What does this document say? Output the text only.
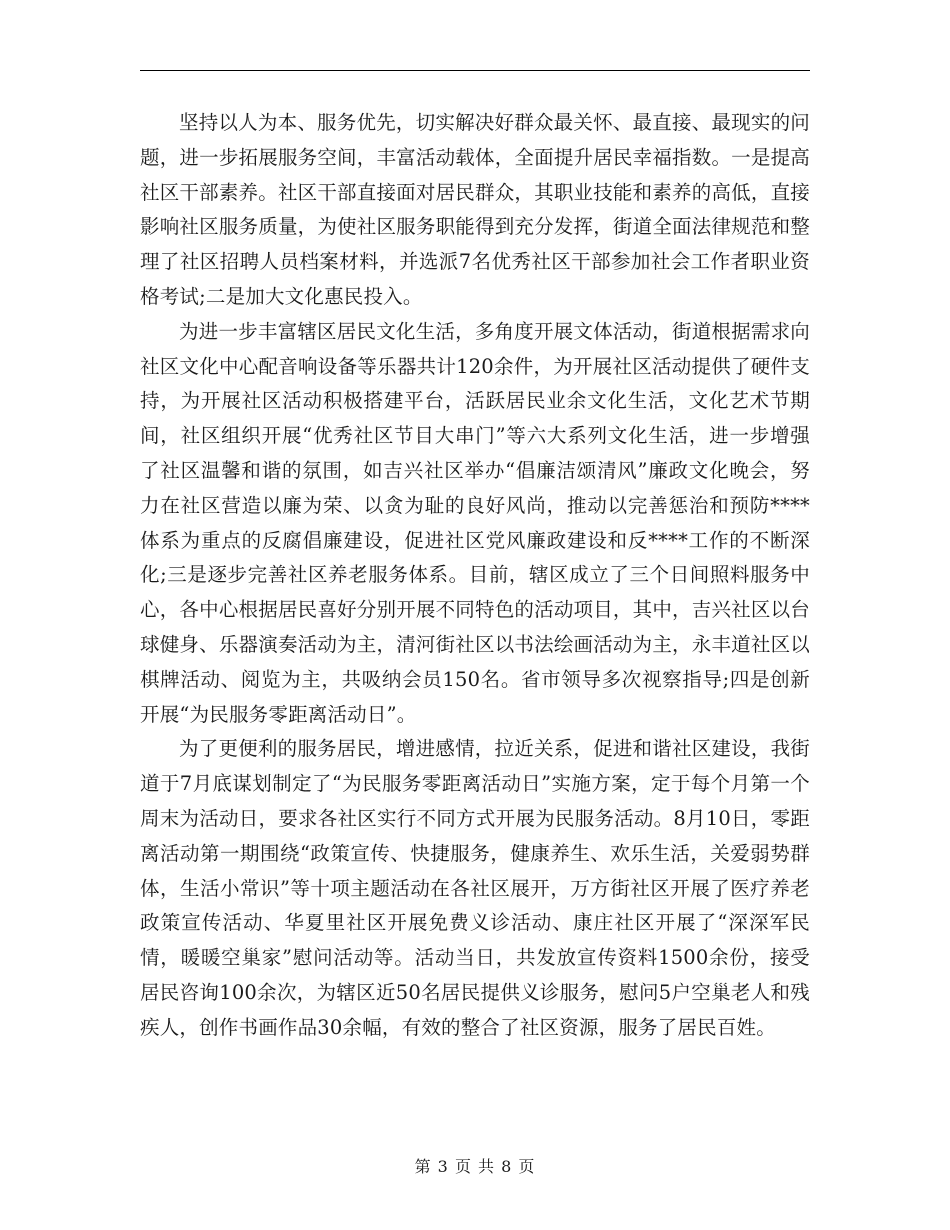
坚持以人为本、服务优先，切实解决好群众最关怀、最直接、最现实的问题，进一步拓展服务空间，丰富活动载体，全面提升居民幸福指数。一是提高社区干部素养。社区干部直接面对居民群众，其职业技能和素养的高低，直接影响社区服务质量，为使社区服务职能得到充分发挥，街道全面法律规范和整理了社区招聘人员档案材料，并选派7名优秀社区干部参加社会工作者职业资格考试;二是加大文化惠民投入。

为进一步丰富辖区居民文化生活，多角度开展文体活动，街道根据需求向社区文化中心配音响设备等乐器共计120余件，为开展社区活动提供了硬件支持，为开展社区活动积极搭建平台，活跃居民业余文化生活，文化艺术节期间，社区组织开展“优秀社区节目大串门”等六大系列文化生活，进一步增强了社区温馨和谐的氛围，如吉兴社区举办“倡廉洁颂清风”廉政文化晚会，努力在社区营造以廉为荣、以贪为耻的良好风尚，推动以完善惩治和预防****体系为重点的反腐倡廉建设，促进社区党风廉政建设和反****工作的不断深化;三是逐步完善社区养老服务体系。目前，辖区成立了三个日间照料服务中心，各中心根据居民喜好分别开展不同特色的活动项目，其中，吉兴社区以台球健身、乐器演奏活动为主，清河街社区以书法绘画活动为主，永丰道社区以棋牌活动、阅览为主，共吸纳会员150名。省市领导多次视察指导;四是创新开展“为民服务零距离活动日”。

为了更便利的服务居民，增进感情，拉近关系，促进和谐社区建设，我街道于7月底谋划制定了“为民服务零距离活动日”实施方案，定于每个月第一个周末为活动日，要求各社区实行不同方式开展为民服务活动。8月10日，零距离活动第一期围绕“政策宣传、快捷服务，健康养生、欢乐生活，关爱弱势群体，生活小常识”等十项主题活动在各社区展开，万方街社区开展了医疗养老政策宣传活动、华夏里社区开展免费义诊活动、康庄社区开展了“深深军民情，暖暖空巢家”慰问活动等。活动当日，共发放宣传资料1500余份，接受居民咨询100余次，为辖区近50名居民提供义诊服务，慰问5户空巢老人和残疾人，创作书画作品30余幅，有效的整合了社区资源，服务了居民百姓。

第 3 页 共 8 页
